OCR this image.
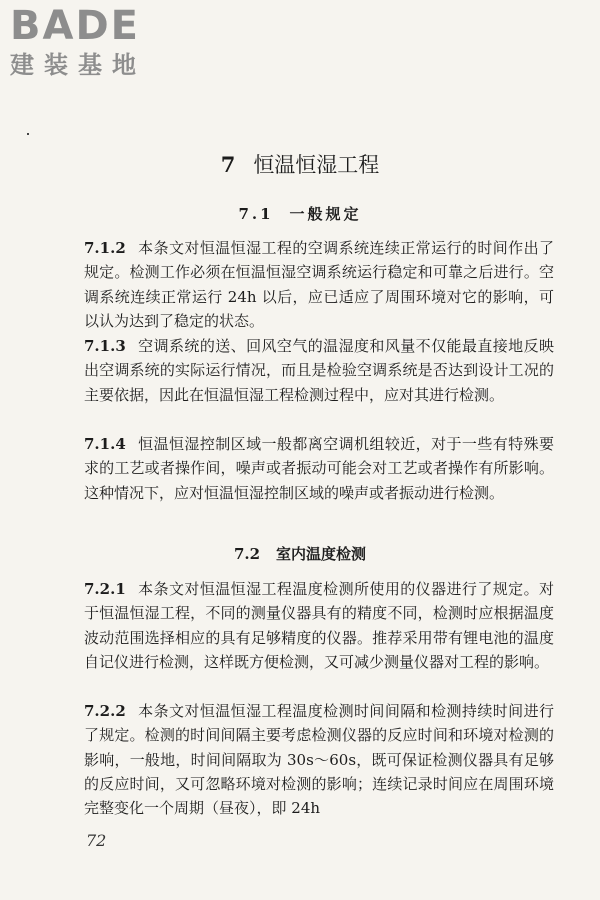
BADE
建装基地
7 恒温恒湿工程
7.1 一般规定

7.1.2 本条文对恒温恒湿工程的空调系统连续正常运行的时间作出了规定。检测工作必须在恒温恒湿空调系统运行稳定和可靠之后进行。空调系统连续正常运行 24h 以后，应已适应了周围环境对它的影响，可以认为达到了稳定的状态。

7.1.3 空调系统的送、回风空气的温湿度和风量不仅能最直接地反映出空调系统的实际运行情况，而且是检验空调系统是否达到设计工况的主要依据，因此在恒温恒湿工程检测过程中，应对其进行检测。

7.1.4 恒温恒湿控制区域一般都离空调机组较近，对于一些有特殊要求的工艺或者操作间，噪声或者振动可能会对工艺或者操作有所影响。这种情况下，应对恒温恒湿控制区域的噪声或者振动进行检测。

7.2 室内温度检测

7.2.1 本条文对恒温恒湿工程温度检测所使用的仪器进行了规定。对于恒温恒湿工程，不同的测量仪器具有的精度不同，检测时应根据温度波动范围选择相应的具有足够精度的仪器。推荐采用带有锂电池的温度自记仪进行检测，这样既方便检测，又可减少测量仪器对工程的影响。

7.2.2 本条文对恒温恒湿工程温度检测时间间隔和检测持续时间进行了规定。检测的时间间隔主要考虑检测仪器的反应时间和环境对检测的影响，一般地，时间间隔取为 30s～60s，既可保证检测仪器具有足够的反应时间，又可忽略环境对检测的影响；连续记录时间应在周围环境完整变化一个周期（昼夜），即 24h

72
